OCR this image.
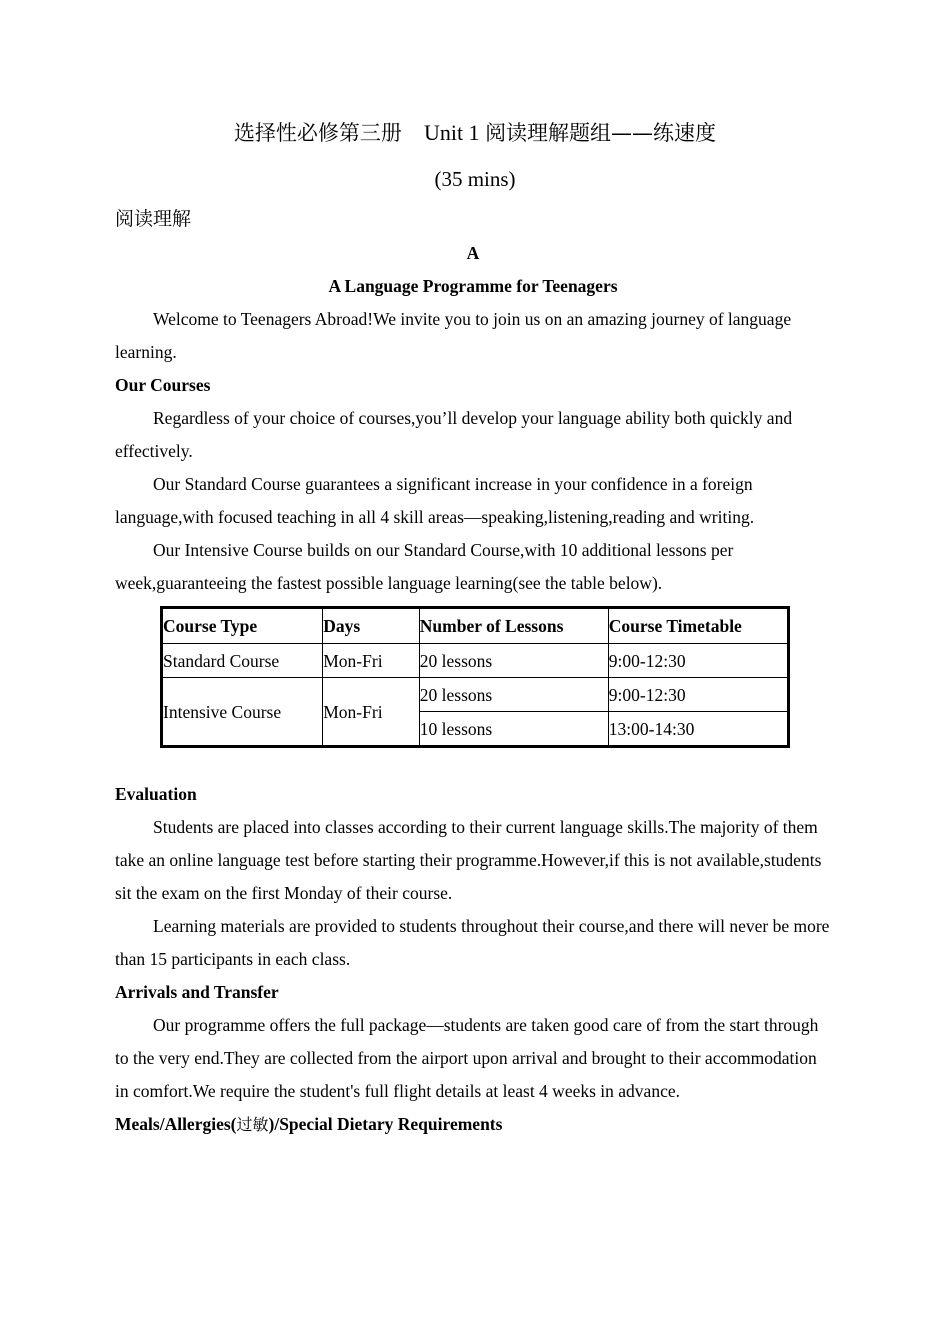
选择性必修第三册 Unit 1 阅读理解题组——练速度
(35 mins)
阅读理解

A

A Language Programme for Teenagers

Welcome to Teenagers Abroad!We invite you to join us on an amazing journey of language learning.

Our Courses

Regardless of your choice of courses,you’ll develop your language ability both quickly and effectively.

Our Standard Course guarantees a significant increase in your confidence in a foreign language,with focused teaching in all 4 skill areas—speaking,listening,reading and writing.

Our Intensive Course builds on our Standard Course,with 10 additional lessons per week,guaranteeing the fastest possible language learning(see the table below).

Course Type	Days	Number of Lessons	Course Timetable
Standard Course	Mon-Fri	20 lessons	9:00-12:30
Intensive Course	Mon-Fri	20 lessons	9:00-12:30
		10 lessons	13:00-14:30

Evaluation

Students are placed into classes according to their current language skills.The majority of them take an online language test before starting their programme.However,if this is not available,students sit the exam on the first Monday of their course.

Learning materials are provided to students throughout their course,and there will never be more than 15 participants in each class.

Arrivals and Transfer

Our programme offers the full package—students are taken good care of from the start through to the very end.They are collected from the airport upon arrival and brought to their accommodation in comfort.We require the student's full flight details at least 4 weeks in advance.

Meals/Allergies(过敏)/Special Dietary Requirements
